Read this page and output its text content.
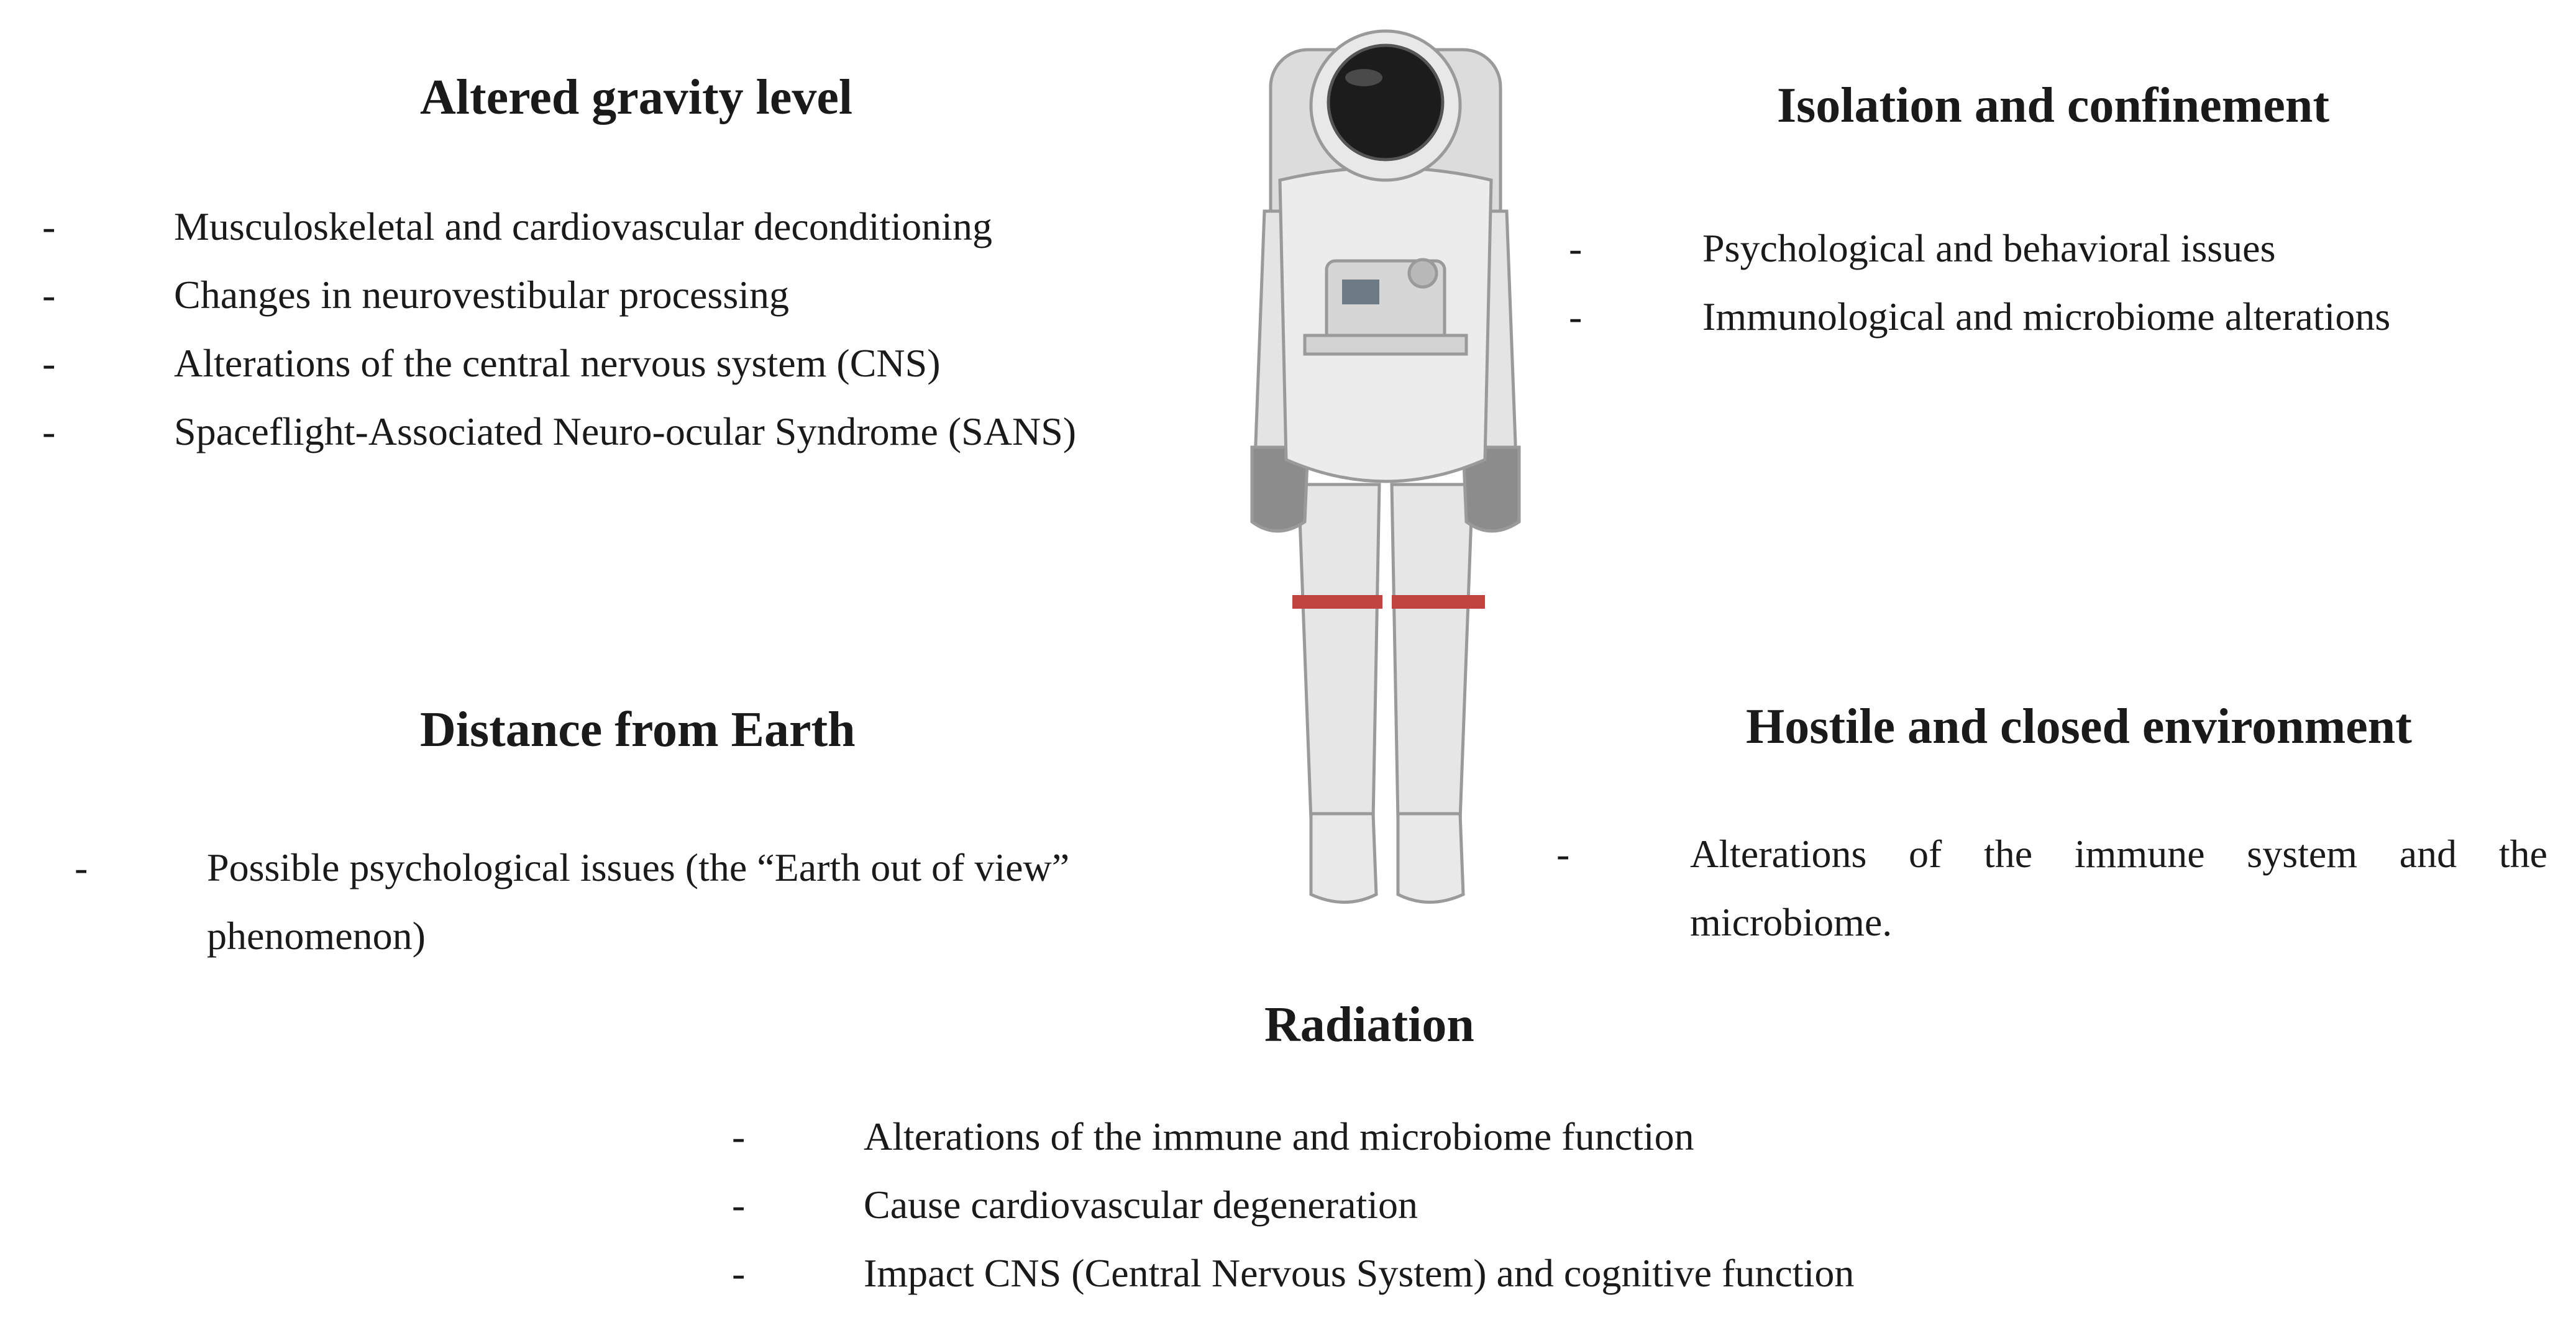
Altered gravity level
-	Musculoskeletal and cardiovascular deconditioning
-	Changes in neurovestibular processing
-	Alterations of the central nervous system (CNS)
-	Spaceflight-Associated Neuro-ocular Syndrome (SANS)
Isolation and confinement
-	Psychological and behavioral issues
-	Immunological and microbiome alterations
Distance from Earth
-	Possible psychological issues (the “Earth out of view” phenomenon)
Hostile and closed environment
-	Alterations of the immune system and the
microbiome.
Radiation
-	Alterations of the immune and microbiome function
-	Cause cardiovascular degeneration
-	Impact CNS (Central Nervous System) and cognitive function
